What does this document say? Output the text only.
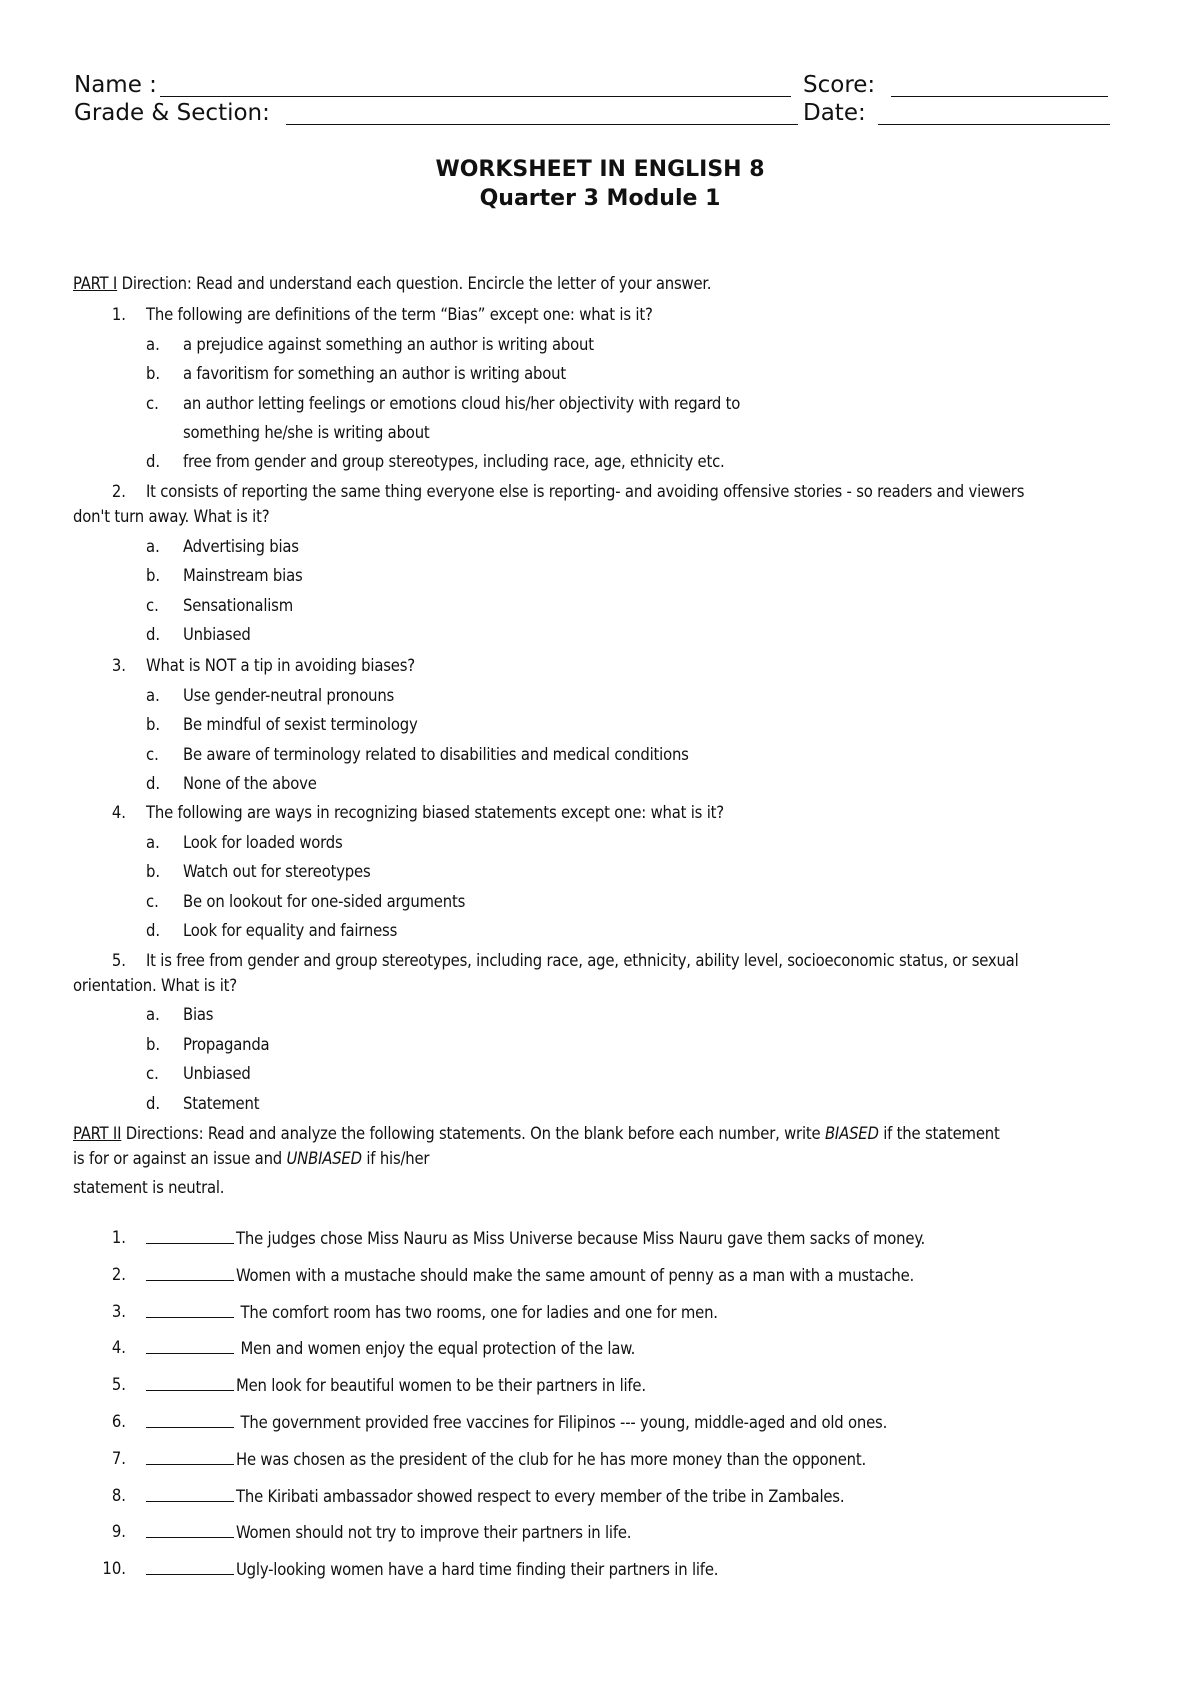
Name :	Score:
Grade & Section:	Date:
WORKSHEET IN ENGLISH 8
Quarter 3 Module 1
PART I Direction: Read and understand each question. Encircle the letter of your answer.
1. The following are definitions of the term “Bias” except one: what is it?
a.	a prejudice against something an author is writing about
b.	a favoritism for something an author is writing about
c.	an author letting feelings or emotions cloud his/her objectivity with regard to
something he/she is writing about
d.	free from gender and group stereotypes, including race, age, ethnicity etc.
2. It consists of reporting the same thing everyone else is reporting- and avoiding offensive stories - so readers and viewers
don't turn away. What is it?
a.	Advertising bias
b.	Mainstream bias
c.	Sensationalism
d.	Unbiased
3. What is NOT a tip in avoiding biases?
a.	Use gender-neutral pronouns
b.	Be mindful of sexist terminology
c.	Be aware of terminology related to disabilities and medical conditions
d.	None of the above
4. The following are ways in recognizing biased statements except one: what is it?
a.	Look for loaded words
b.	Watch out for stereotypes
c.	Be on lookout for one-sided arguments
d.	Look for equality and fairness
5. It is free from gender and group stereotypes, including race, age, ethnicity, ability level, socioeconomic status, or sexual
orientation. What is it?
a.	Bias
b.	Propaganda
c.	Unbiased
d.	Statement
PART II Directions: Read and analyze the following statements. On the blank before each number, write BIASED if the statement
is for or against an issue and UNBIASED if his/her
statement is neutral.
1.	The judges chose Miss Nauru as Miss Universe because Miss Nauru gave them sacks of money.
2.	Women with a mustache should make the same amount of penny as a man with a mustache.
3.	The comfort room has two rooms, one for ladies and one for men.
4.	Men and women enjoy the equal protection of the law.
5.	Men look for beautiful women to be their partners in life.
6.	The government provided free vaccines for Filipinos --- young, middle-aged and old ones.
7.	He was chosen as the president of the club for he has more money than the opponent.
8.	The Kiribati ambassador showed respect to every member of the tribe in Zambales.
9.	Women should not try to improve their partners in life.
10.	Ugly-looking women have a hard time finding their partners in life.
